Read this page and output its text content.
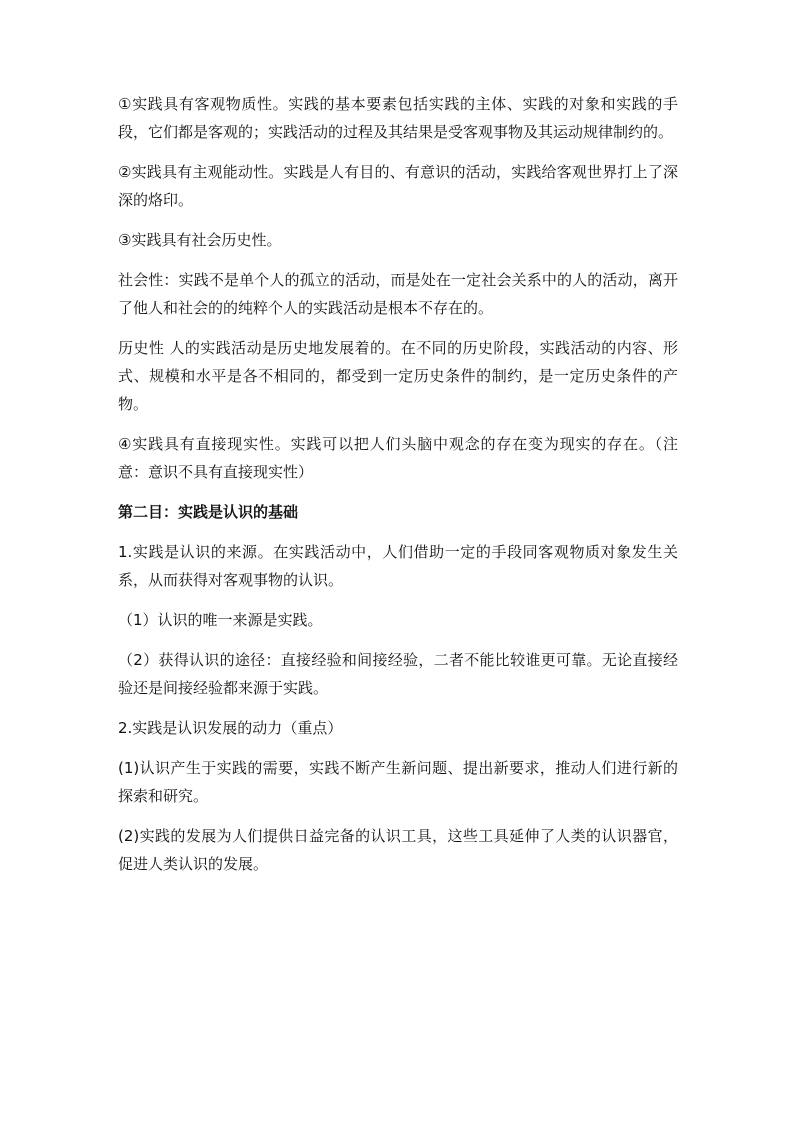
①实践具有客观物质性。实践的基本要素包括实践的主体、实践的对象和实践的手段，它们都是客观的；实践活动的过程及其结果是受客观事物及其运动规律制约的。

②实践具有主观能动性。实践是人有目的、有意识的活动，实践给客观世界打上了深深的烙印。

③实践具有社会历史性。

社会性：实践不是单个人的孤立的活动，而是处在一定社会关系中的人的活动，离开了他人和社会的的纯粹个人的实践活动是根本不存在的。

历史性 人的实践活动是历史地发展着的。在不同的历史阶段，实践活动的内容、形式、规模和水平是各不相同的，都受到一定历史条件的制约，是一定历史条件的产物。

④实践具有直接现实性。实践可以把人们头脑中观念的存在变为现实的存在。（注意：意识不具有直接现实性）

第二目：实践是认识的基础

1.实践是认识的来源。在实践活动中，人们借助一定的手段同客观物质对象发生关系，从而获得对客观事物的认识。

（1）认识的唯一来源是实践。

（2）获得认识的途径：直接经验和间接经验，二者不能比较谁更可靠。无论直接经验还是间接经验都来源于实践。

2.实践是认识发展的动力（重点）

(1)认识产生于实践的需要，实践不断产生新问题、提出新要求，推动人们进行新的探索和研究。

(2)实践的发展为人们提供日益完备的认识工具，这些工具延伸了人类的认识器官，促进人类认识的发展。
